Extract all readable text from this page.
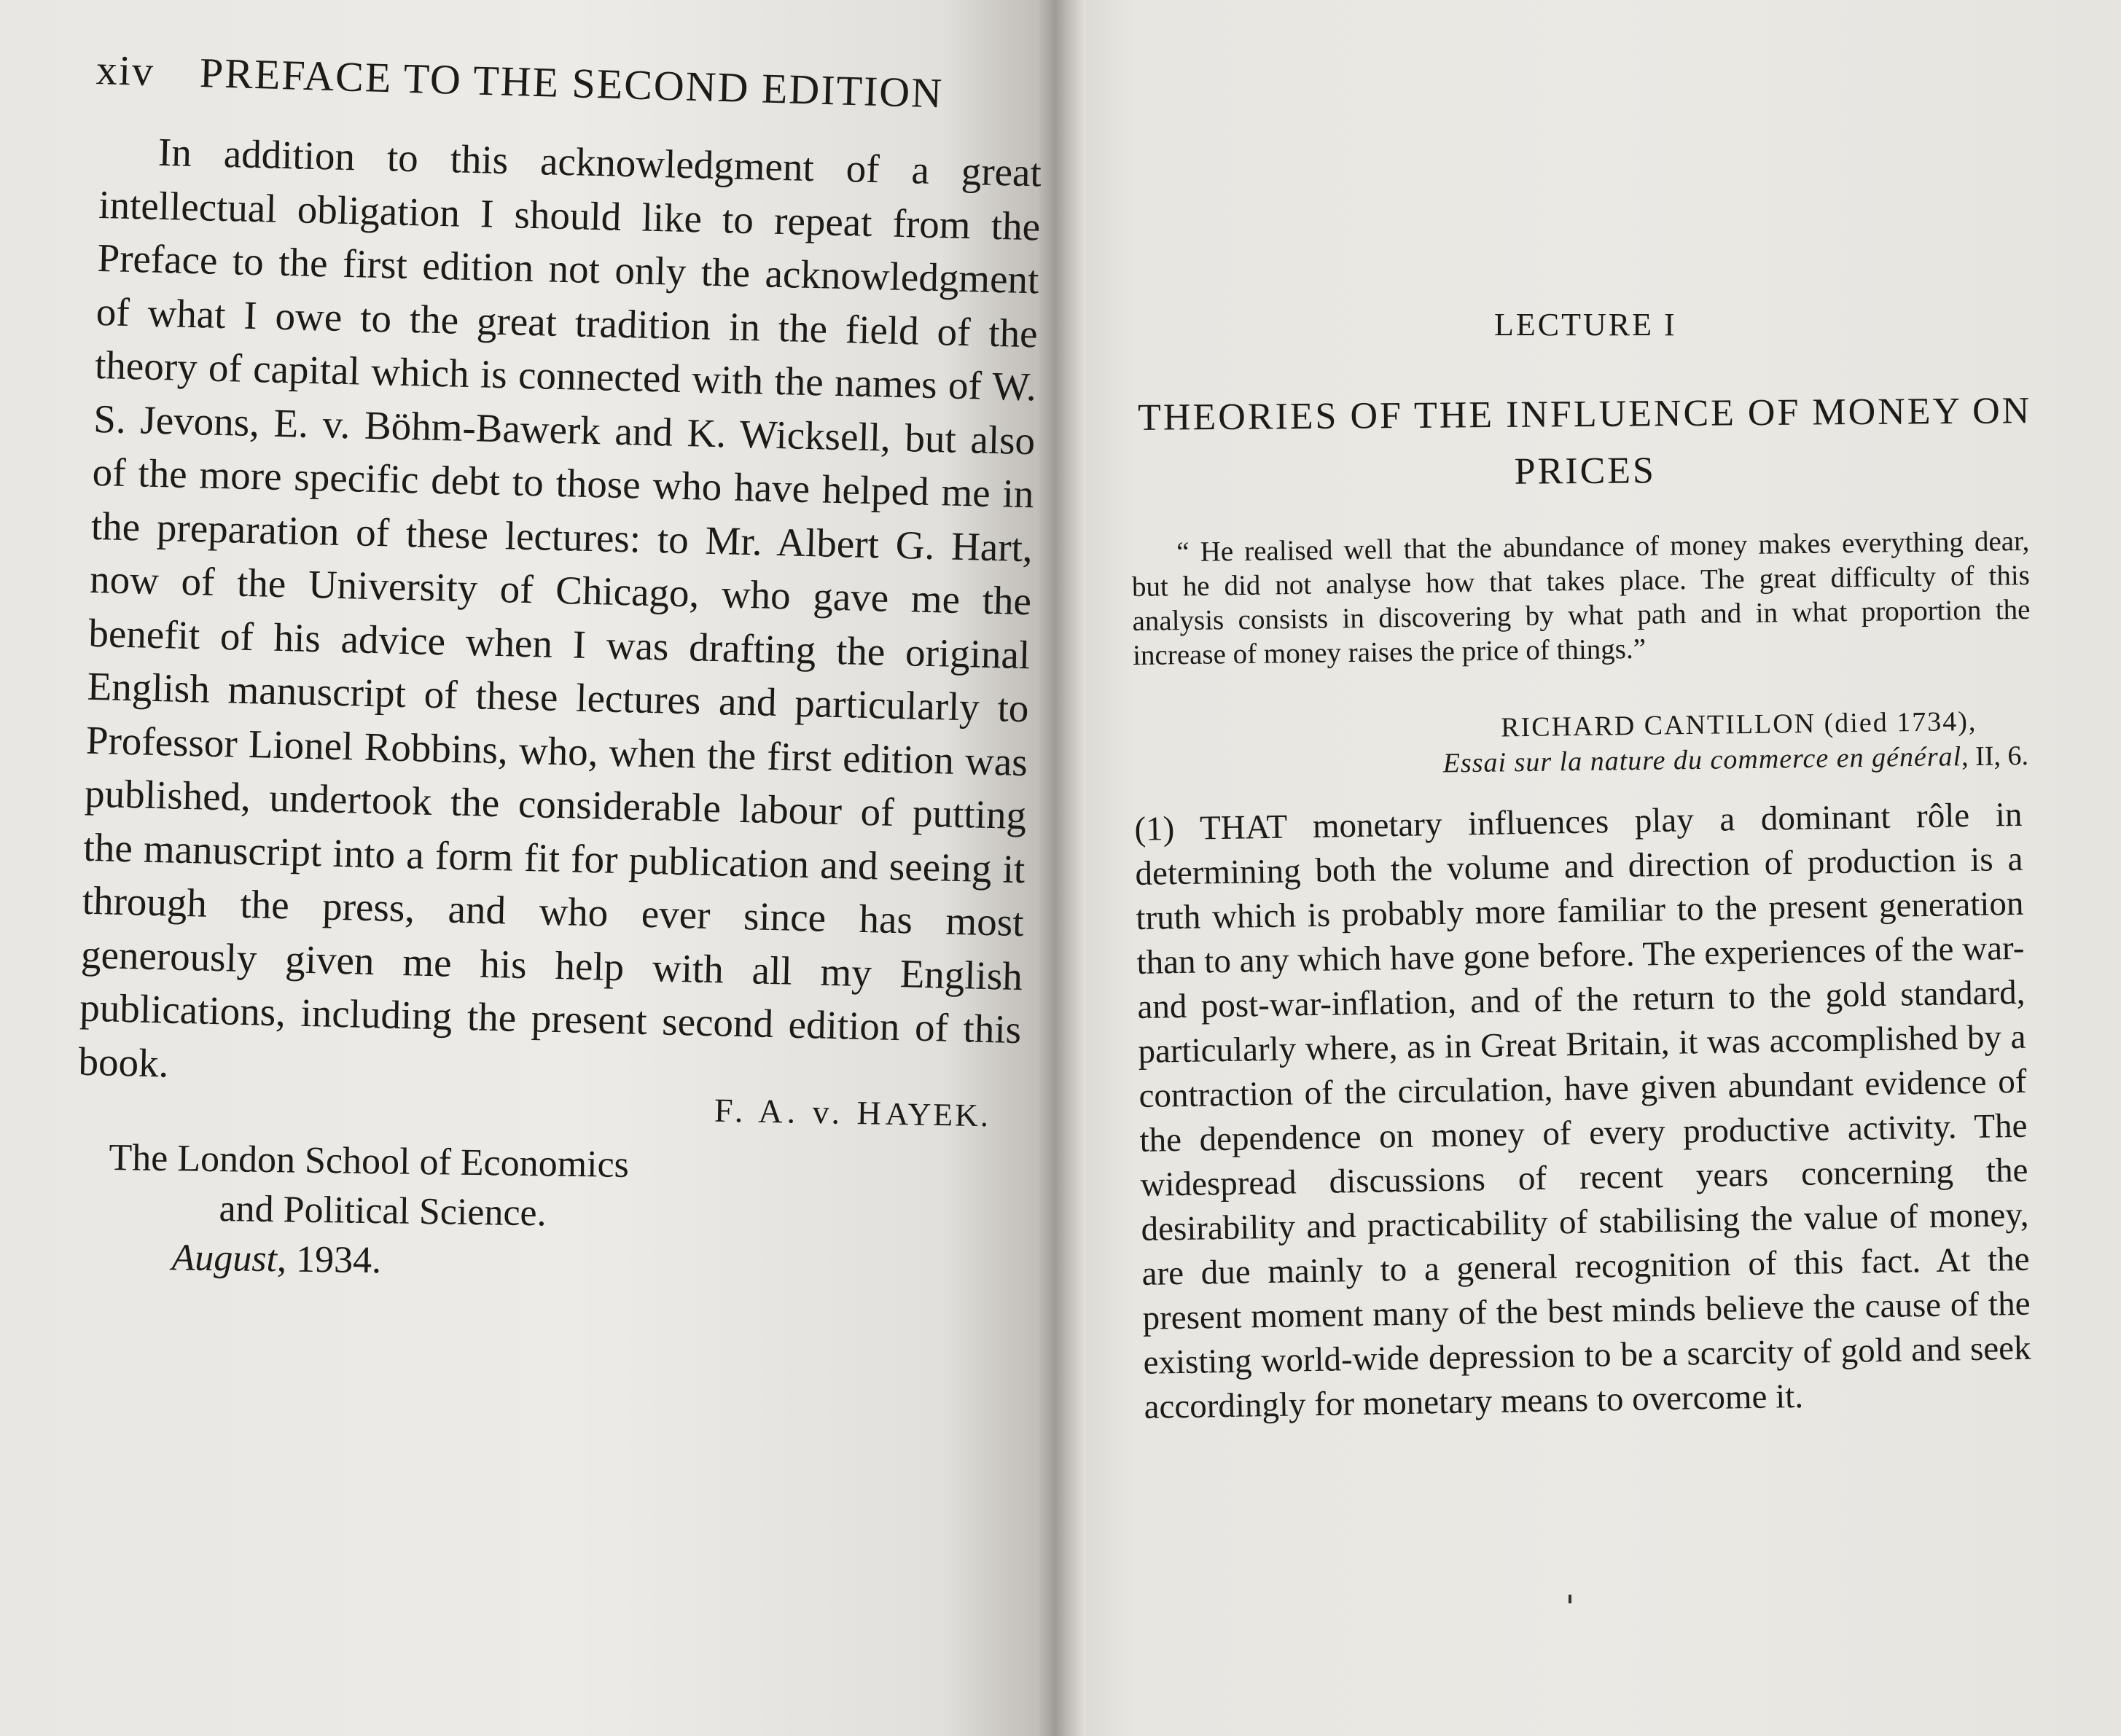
xiv PREFACE TO THE SECOND EDITION

In addition to this acknowledgment of a great intellectual obligation I should like to repeat from the Preface to the first edition not only the acknowledgment of what I owe to the great tradition in the field of the theory of capital which is connected with the names of W. S. Jevons, E. v. Böhm-Bawerk and K. Wicksell, but also of the more specific debt to those who have helped me in the preparation of these lectures: to Mr. Albert G. Hart, now of the University of Chicago, who gave me the benefit of his advice when I was drafting the original English manuscript of these lectures and particularly to Professor Lionel Robbins, who, when the first edition was published, undertook the considerable labour of putting the manuscript into a form fit for publication and seeing it through the press, and who ever since has most generously given me his help with all my English publications, including the present second edition of this book.

F. A. v. HAYEK.
The London School of Economics
and Political Science.
August, 1934.
LECTURE I
THEORIES OF THE INFLUENCE OF MONEY ON PRICES
“ He realised well that the abundance of money makes everything dear, but he did not analyse how that takes place. The great difficulty of this analysis consists in discovering by what path and in what proportion the increase of money raises the price of things.”
RICHARD CANTILLON (died 1734),
Essai sur la nature du commerce en général, II, 6.

(1) THAT monetary influences play a dominant rôle in determining both the volume and direction of production is a truth which is probably more familiar to the present generation than to any which have gone before. The experiences of the war- and post-war-inflation, and of the return to the gold standard, particularly where, as in Great Britain, it was accomplished by a contraction of the circulation, have given abundant evidence of the dependence on money of every productive activity. The widespread discussions of recent years concerning the desirability and practicability of stabilising the value of money, are due mainly to a general recognition of this fact. At the present moment many of the best minds believe the cause of the existing world-wide depression to be a scarcity of gold and seek accordingly for monetary means to overcome it.
